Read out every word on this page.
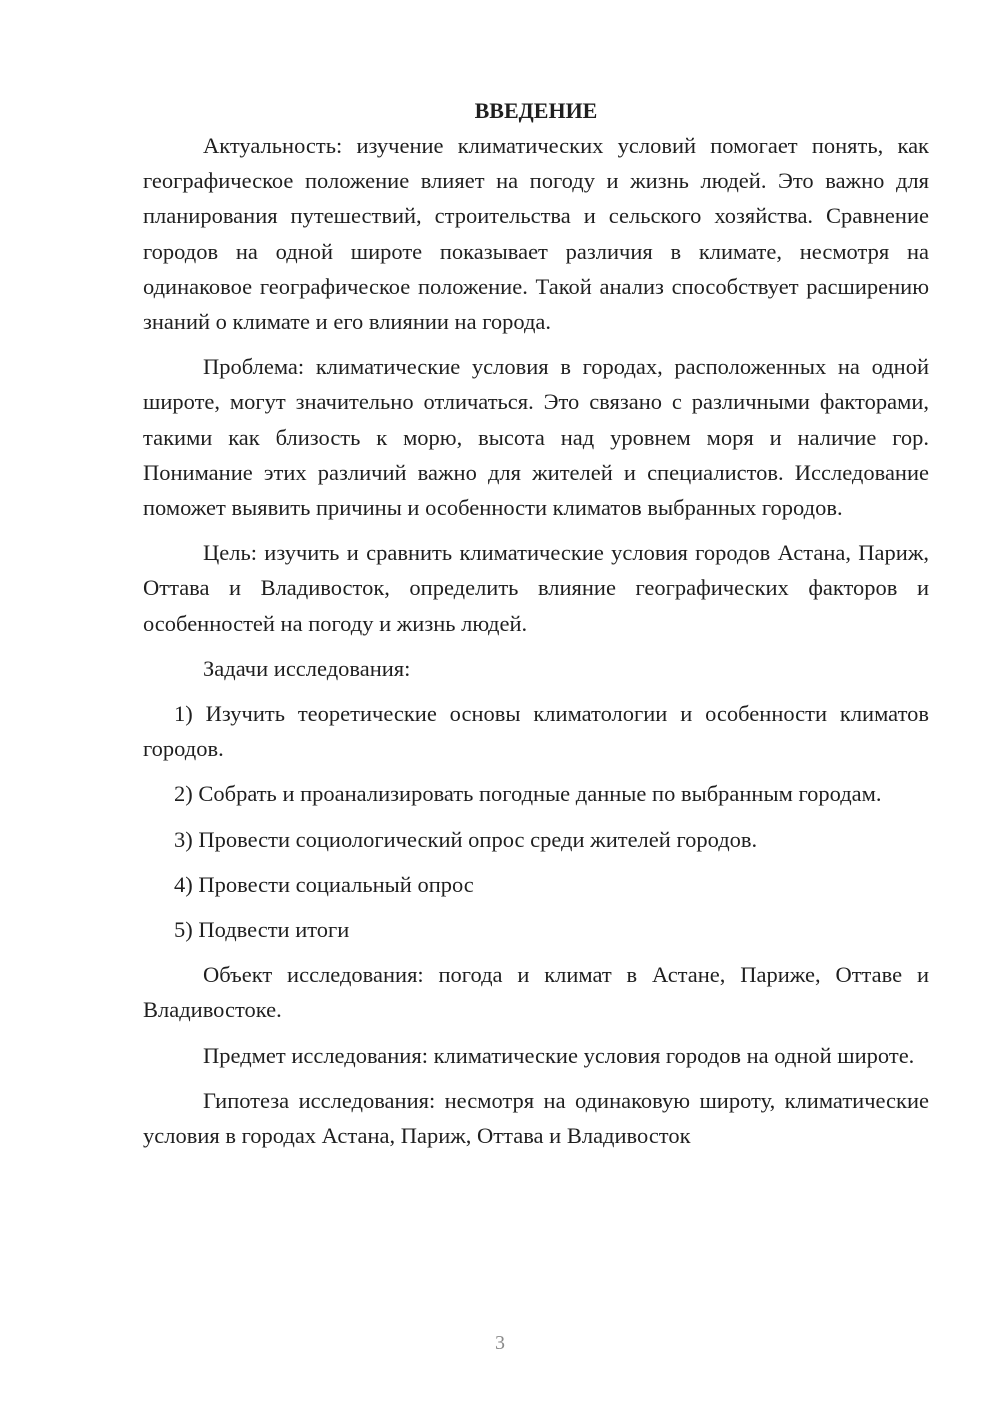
ВВЕДЕНИЕ

Актуальность: изучение климатических условий помогает понять, как географическое положение влияет на погоду и жизнь людей. Это важно для планирования путешествий, строительства и сельского хозяйства. Сравнение городов на одной широте показывает различия в климате, несмотря на одинаковое географическое положение. Такой анализ способствует расширению знаний о климате и его влиянии на города.

Проблема: климатические условия в городах, расположенных на одной широте, могут значительно отличаться. Это связано с различными факторами, такими как близость к морю, высота над уровнем моря и наличие гор. Понимание этих различий важно для жителей и специалистов. Исследование поможет выявить причины и особенности климатов выбранных городов.

Цель: изучить и сравнить климатические условия городов Астана, Париж, Оттава и Владивосток, определить влияние географических факторов и особенностей на погоду и жизнь людей.

Задачи исследования:

1) Изучить теоретические основы климатологии и особенности климатов городов.

2) Собрать и проанализировать погодные данные по выбранным городам.

3) Провести социологический опрос среди жителей городов.

4) Провести социальный опрос

5) Подвести итоги

Объект исследования: погода и климат в Астане, Париже, Оттаве и Владивостоке.

Предмет исследования: климатические условия городов на одной широте.

Гипотеза исследования: несмотря на одинаковую широту, климатические условия в городах Астана, Париж, Оттава и Владивосток

3
